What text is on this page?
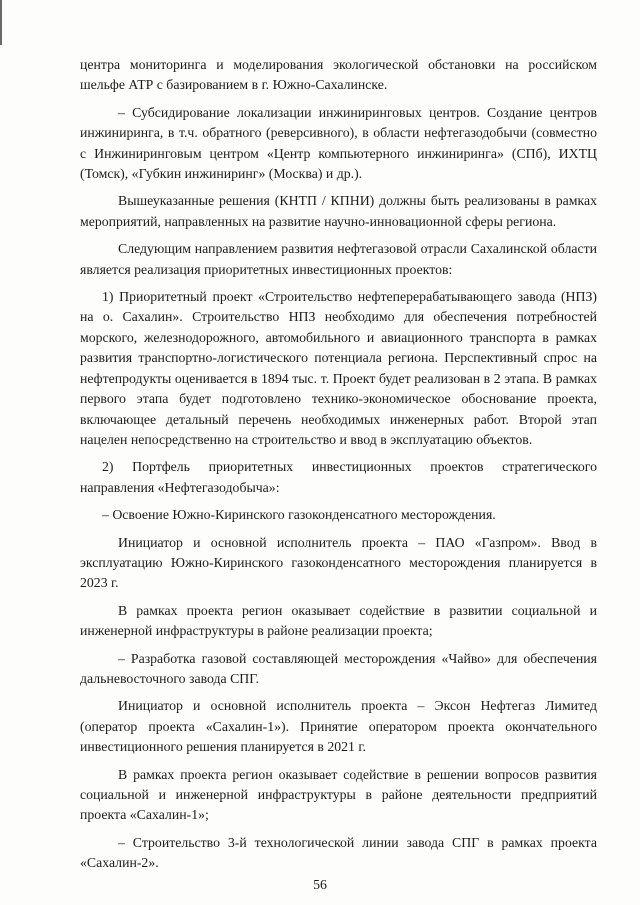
центра мониторинга и моделирования экологической обстановки на российском шельфе АТР с базированием в г. Южно-Сахалинске.

– Субсидирование локализации инжиниринговых центров. Создание центров инжиниринга, в т.ч. обратного (реверсивного), в области нефтегазодобычи (совместно с Инжиниринговым центром «Центр компьютерного инжиниринга» (СПб), ИХТЦ (Томск), «Губкин инжиниринг» (Москва) и др.).

Вышеуказанные решения (КНТП / КПНИ) должны быть реализованы в рамках мероприятий, направленных на развитие научно-инновационной сферы региона.

Следующим направлением развития нефтегазовой отрасли Сахалинской области является реализация приоритетных инвестиционных проектов:

1) Приоритетный проект «Строительство нефтеперерабатывающего завода (НПЗ) на о. Сахалин». Строительство НПЗ необходимо для обеспечения потребностей морского, железнодорожного, автомобильного и авиационного транспорта в рамках развития транспортно-логистического потенциала региона. Перспективный спрос на нефтепродукты оценивается в 1894 тыс. т. Проект будет реализован в 2 этапа. В рамках первого этапа будет подготовлено технико-экономическое обоснование проекта, включающее детальный перечень необходимых инженерных работ. Второй этап нацелен непосредственно на строительство и ввод в эксплуатацию объектов.

2) Портфель приоритетных инвестиционных проектов стратегического направления «Нефтегазодобыча»:

– Освоение Южно-Киринского газоконденсатного месторождения.

Инициатор и основной исполнитель проекта – ПАО «Газпром». Ввод в эксплуатацию Южно-Киринского газоконденсатного месторождения планируется в 2023 г.

В рамках проекта регион оказывает содействие в развитии социальной и инженерной инфраструктуры в районе реализации проекта;

– Разработка газовой составляющей месторождения «Чайво» для обеспечения дальневосточного завода СПГ.

Инициатор и основной исполнитель проекта – Эксон Нефтегаз Лимитед (оператор проекта «Сахалин-1»). Принятие оператором проекта окончательного инвестиционного решения планируется в 2021 г.

В рамках проекта регион оказывает содействие в решении вопросов развития социальной и инженерной инфраструктуры в районе деятельности предприятий проекта «Сахалин-1»;

– Строительство 3-й технологической линии завода СПГ в рамках проекта «Сахалин-2».

56
